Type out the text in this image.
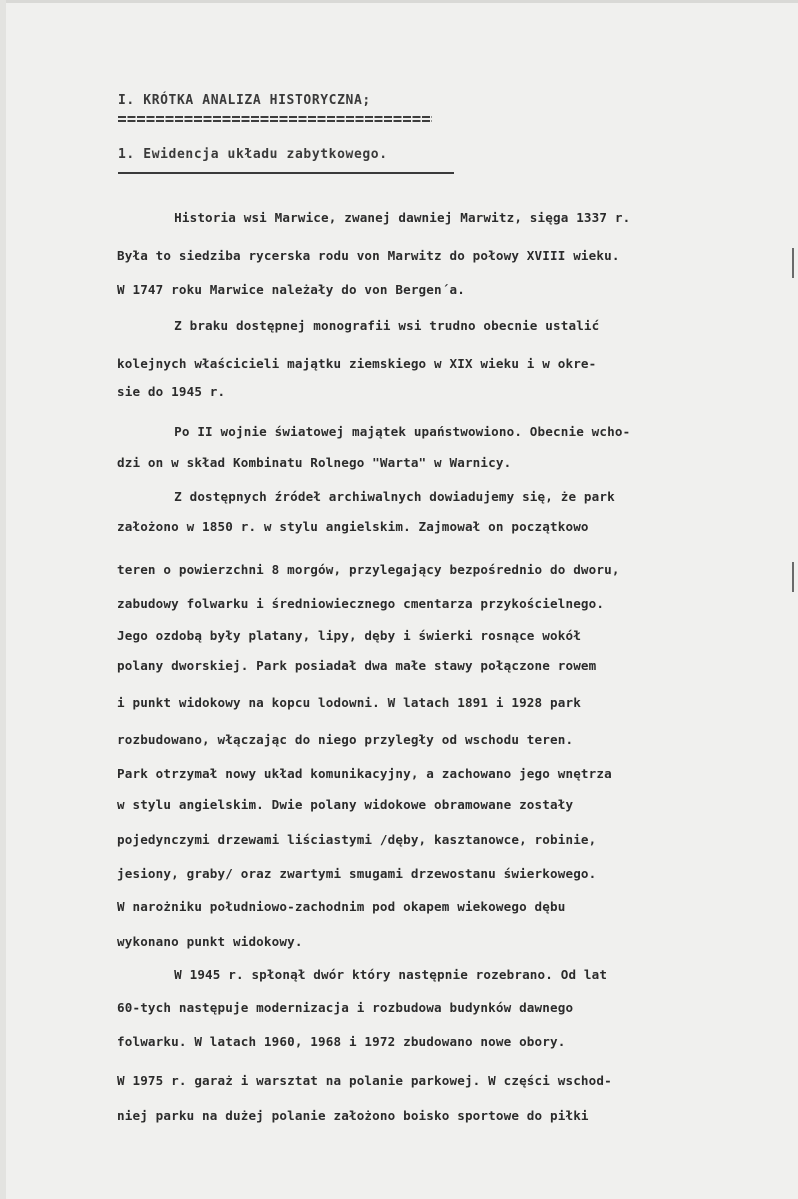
I. KRÓTKA ANALIZA HISTORYCZNA;
1. Ewidencja układu zabytkowego.
Historia wsi Marwice, zwanej dawniej Marwitz, sięga 1337 r.
Była to siedziba rycerska rodu von Marwitz do połowy XVIII wieku.
W 1747 roku Marwice należały do von Bergen´a.
Z braku dostępnej monografii wsi trudno obecnie ustalić
kolejnych właścicieli majątku ziemskiego w XIX wieku i w okre-
sie do 1945 r.
Po II wojnie światowej majątek upaństwowiono. Obecnie wcho-
dzi on w skład Kombinatu Rolnego "Warta" w Warnicy.
Z dostępnych źródeł archiwalnych dowiadujemy się, że park
założono w 1850 r. w stylu angielskim. Zajmował on początkowo
teren o powierzchni 8 morgów, przylegający bezpośrednio do dworu,
zabudowy folwarku i średniowiecznego cmentarza przykościelnego.
Jego ozdobą były platany, lipy, dęby i świerki rosnące wokół
polany dworskiej. Park posiadał dwa małe stawy połączone rowem
i punkt widokowy na kopcu lodowni. W latach 1891 i 1928 park
rozbudowano, włączając do niego przyległy od wschodu teren.
Park otrzymał nowy układ komunikacyjny, a zachowano jego wnętrza
w stylu angielskim. Dwie polany widokowe obramowane zostały
pojedynczymi drzewami liściastymi /dęby, kasztanowce, robinie,
jesiony, graby/ oraz zwartymi smugami drzewostanu świerkowego.
W narożniku południowo-zachodnim pod okapem wiekowego dębu
wykonano punkt widokowy.
W 1945 r. spłonął dwór który następnie rozebrano. Od lat
60-tych następuje modernizacja i rozbudowa budynków dawnego
folwarku. W latach 1960, 1968 i 1972 zbudowano nowe obory.
W 1975 r. garaż i warsztat na polanie parkowej. W części wschod-
niej parku na dużej polanie założono boisko sportowe do piłki
